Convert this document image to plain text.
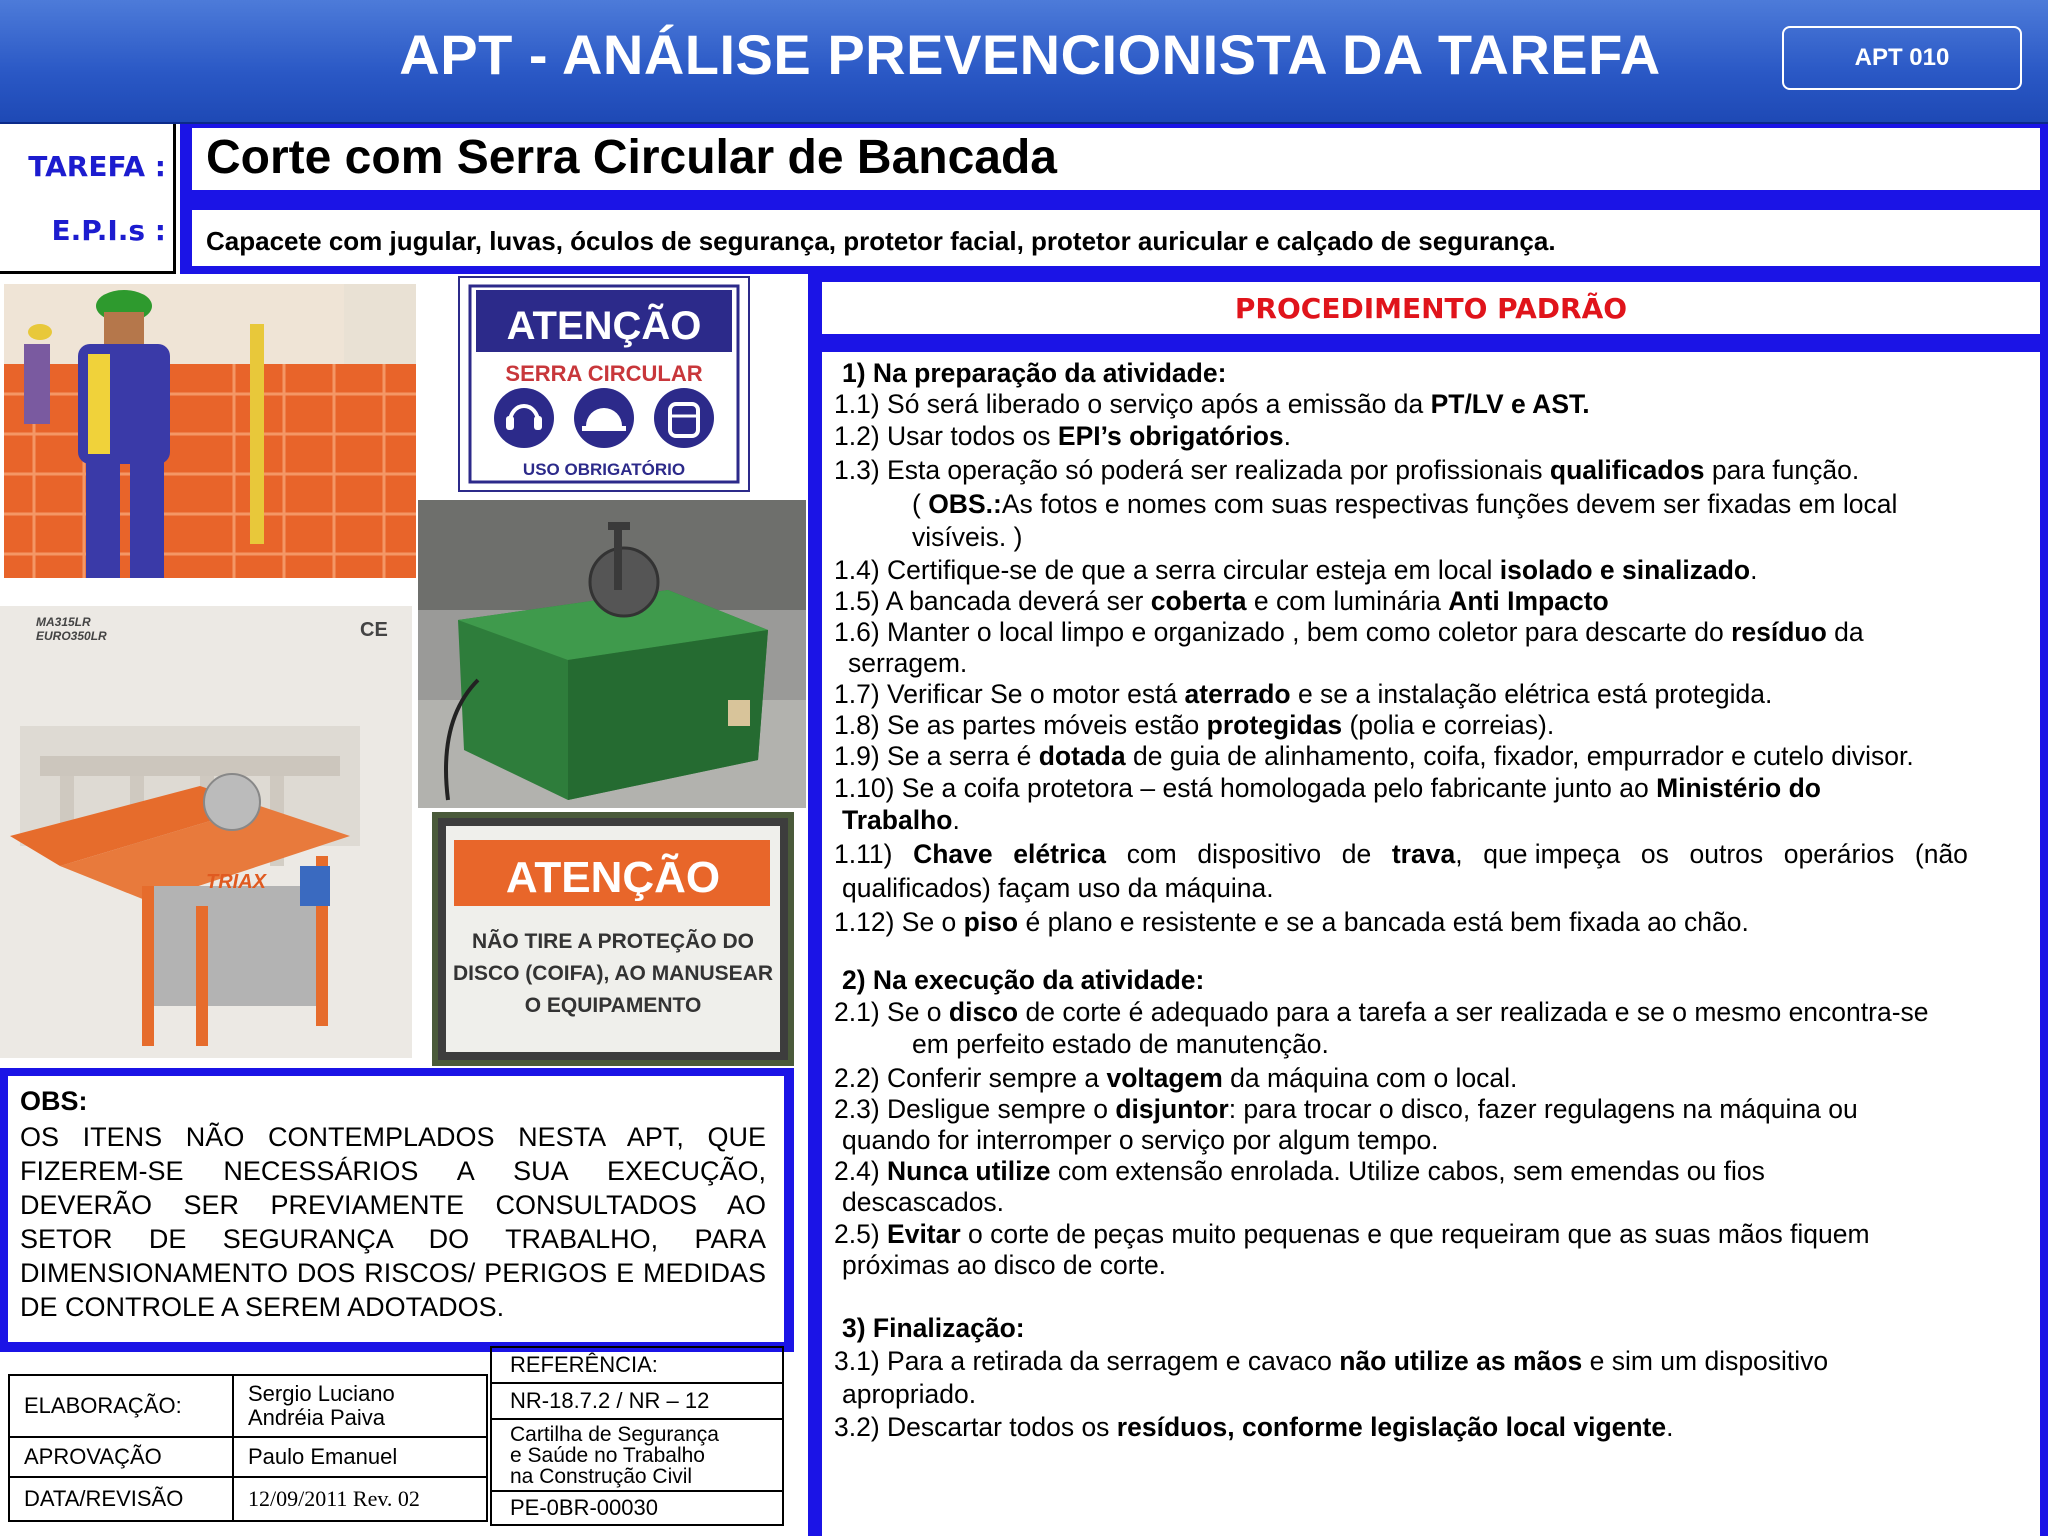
APT - ANÁLISE PREVENCIONISTA DA TAREFA	APT 010
TAREFA :
E.P.I.s :
Corte com Serra Circular de Bancada
Capacete com jugular, luvas, óculos de segurança, protetor facial, protetor auricular e calçado de segurança.
ATENÇÃO
SERRA CIRCULAR
USO OBRIGATÓRIO
MA315LR
EURO350LR	CE
TRIAX	ATENÇÃO
NÃO TIRE A PROTEÇÃO DO
DISCO (COIFA), AO MANUSEAR
O EQUIPAMENTO
OBS:
OS ITENS NÃO CONTEMPLADOS NESTA APT, QUE FIZEREM-SE NECESSÁRIOS A SUA EXECUÇÃO, DEVERÃO SER PREVIAMENTE CONSULTADOS AO SETOR DE SEGURANÇA DO TRABALHO, PARA DIMENSIONAMENTO DOS RISCOS/ PERIGOS E MEDIDAS DE CONTROLE A SEREM ADOTADOS.
ELABORAÇÃO:	Sergio Luciano
Andréia Paiva

APROVAÇÃO	Paulo Emanuel
DATA/REVISÃO	12/09/2011 Rev. 02
REFERÊNCIA:
NR-18.7.2 / NR – 12

Cartilha de Segurança
e Saúde no Trabalho
na Construção Civil

PE-0BR-00030
PROCEDIMENTO PADRÃO
1) Na preparação da atividade:
1.1) Só será liberado o serviço após a emissão da PT/LV e AST.
1.2) Usar todos os EPI’s obrigatórios.
1.3) Esta operação só poderá ser realizada por profissionais qualificados para função.
( OBS.:As fotos e nomes com suas respectivas funções devem ser fixadas em local
visíveis. )
1.4) Certifique-se de que a serra circular esteja em local isolado e sinalizado.
1.5) A bancada deverá ser coberta e com luminária Anti Impacto
1.6) Manter o local limpo e organizado , bem como coletor para descarte do resíduo da
serragem.
1.7) Verificar Se o motor está aterrado e se a instalação elétrica está protegida.
1.8) Se as partes móveis estão protegidas (polia e correias).
1.9) Se a serra é dotada de guia de alinhamento, coifa, fixador, empurrador e cutelo divisor.
1.10) Se a coifa protetora – está homologada pelo fabricante junto ao Ministério do
Trabalho.
1.11) Chave elétrica com dispositivo de trava, que impeça os outros operários (não
qualificados) façam uso da máquina.
1.12) Se o piso é plano e resistente e se a bancada está bem fixada ao chão.
2) Na execução da atividade:
2.1) Se o disco de corte é adequado para a tarefa a ser realizada e se o mesmo encontra-se
em perfeito estado de manutenção.
2.2) Conferir sempre a voltagem da máquina com o local.
2.3) Desligue sempre o disjuntor: para trocar o disco, fazer regulagens na máquina ou
quando for interromper o serviço por algum tempo.
2.4) Nunca utilize com extensão enrolada. Utilize cabos, sem emendas ou fios
descascados.
2.5) Evitar o corte de peças muito pequenas e que requeiram que as suas mãos fiquem
próximas ao disco de corte.
3) Finalização:
3.1) Para a retirada da serragem e cavaco não utilize as mãos e sim um dispositivo
apropriado.
3.2) Descartar todos os resíduos, conforme legislação local vigente.
